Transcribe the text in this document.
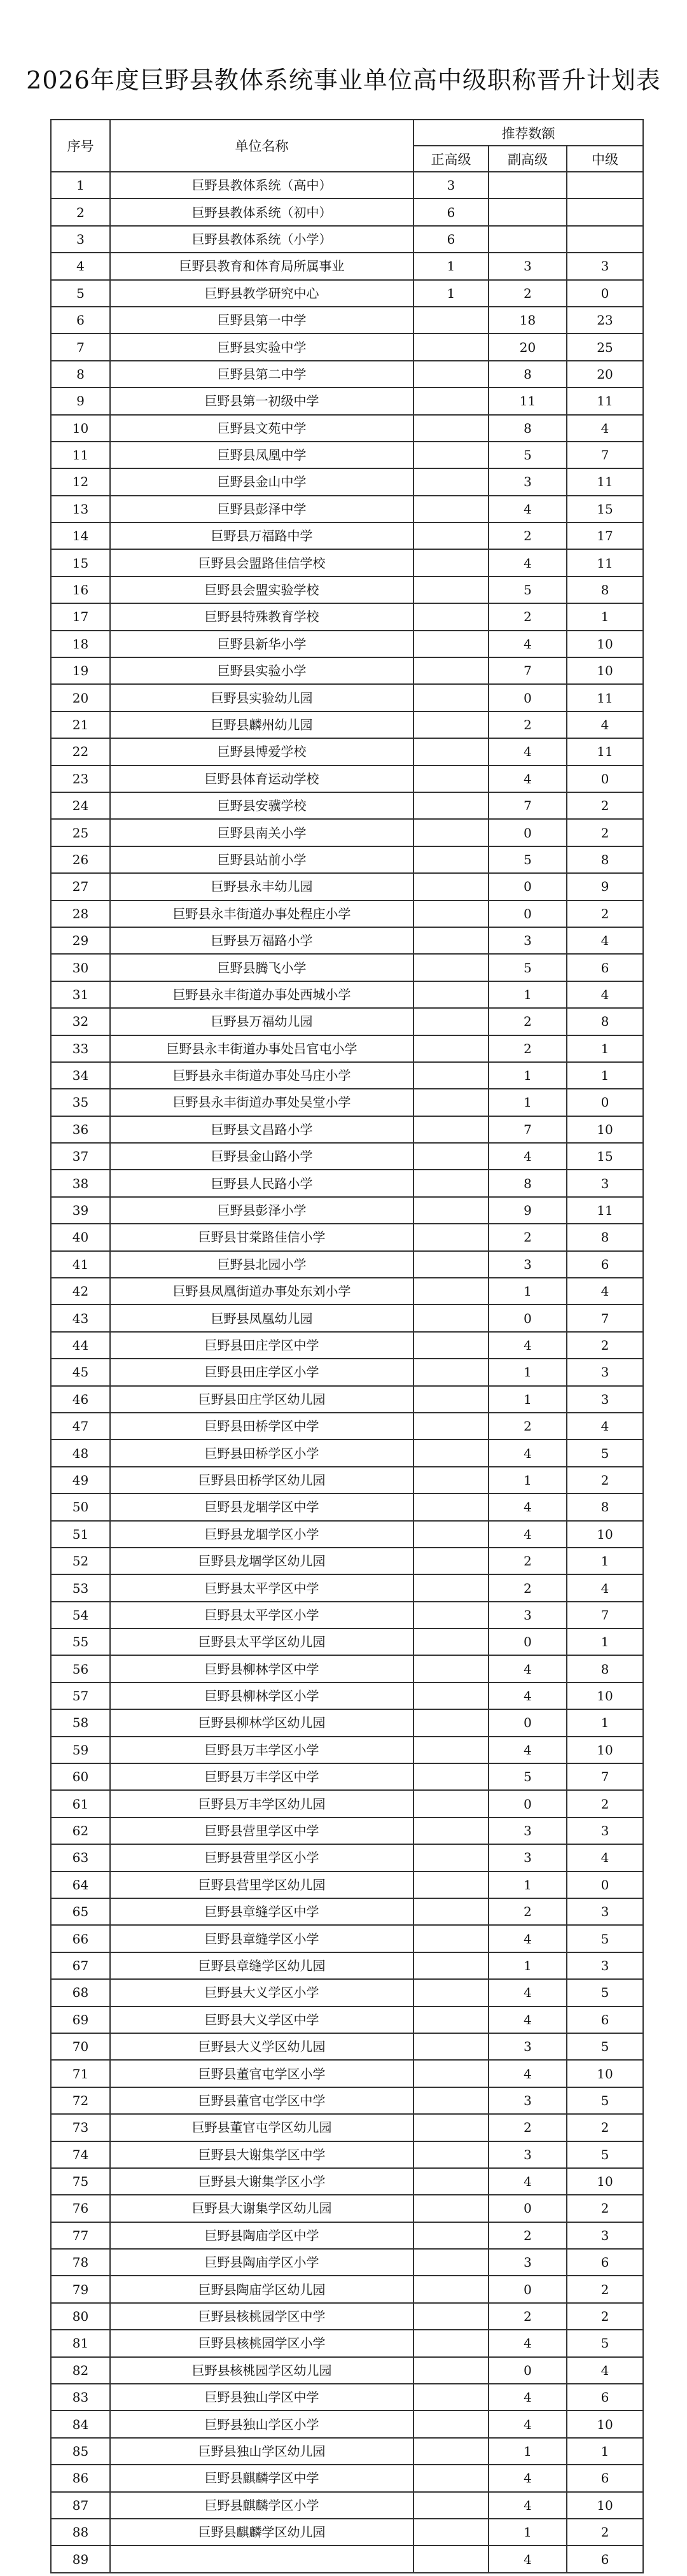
2026年度巨野县教体系统事业单位高中级职称晋升计划表
序号	单位名称	推荐数额		
		正高级	副高级	中级
1	巨野县教体系统（高中）	3		
2	巨野县教体系统（初中）	6		
3	巨野县教体系统（小学）	6		
4	巨野县教育和体育局所属事业	1	3	3
5	巨野县教学研究中心	1	2	0
6	巨野县第一中学		18	23
7	巨野县实验中学		20	25
8	巨野县第二中学		8	20
9	巨野县第一初级中学		11	11
10	巨野县文苑中学		8	4
11	巨野县凤凰中学		5	7
12	巨野县金山中学		3	11
13	巨野县彭泽中学		4	15
14	巨野县万福路中学		2	17
15	巨野县会盟路佳信学校		4	11
16	巨野县会盟实验学校		5	8
17	巨野县特殊教育学校		2	1
18	巨野县新华小学		4	10
19	巨野县实验小学		7	10
20	巨野县实验幼儿园		0	11
21	巨野县麟州幼儿园		2	4
22	巨野县博爱学校		4	11
23	巨野县体育运动学校		4	0
24	巨野县安骥学校		7	2
25	巨野县南关小学		0	2
26	巨野县站前小学		5	8
27	巨野县永丰幼儿园		0	9
28	巨野县永丰街道办事处程庄小学		0	2
29	巨野县万福路小学		3	4
30	巨野县腾飞小学		5	6
31	巨野县永丰街道办事处西城小学		1	4
32	巨野县万福幼儿园		2	8
33	巨野县永丰街道办事处吕官屯小学		2	1
34	巨野县永丰街道办事处马庄小学		1	1
35	巨野县永丰街道办事处吴堂小学		1	0
36	巨野县文昌路小学		7	10
37	巨野县金山路小学		4	15
38	巨野县人民路小学		8	3
39	巨野县彭泽小学		9	11
40	巨野县甘棠路佳信小学		2	8
41	巨野县北园小学		3	6
42	巨野县凤凰街道办事处东刘小学		1	4
43	巨野县凤凰幼儿园		0	7
44	巨野县田庄学区中学		4	2
45	巨野县田庄学区小学		1	3
46	巨野县田庄学区幼儿园		1	3
47	巨野县田桥学区中学		2	4
48	巨野县田桥学区小学		4	5
49	巨野县田桥学区幼儿园		1	2
50	巨野县龙堌学区中学		4	8
51	巨野县龙堌学区小学		4	10
52	巨野县龙堌学区幼儿园		2	1
53	巨野县太平学区中学		2	4
54	巨野县太平学区小学		3	7
55	巨野县太平学区幼儿园		0	1
56	巨野县柳林学区中学		4	8
57	巨野县柳林学区小学		4	10
58	巨野县柳林学区幼儿园		0	1
59	巨野县万丰学区小学		4	10
60	巨野县万丰学区中学		5	7
61	巨野县万丰学区幼儿园		0	2
62	巨野县营里学区中学		3	3
63	巨野县营里学区小学		3	4
64	巨野县营里学区幼儿园		1	0
65	巨野县章缝学区中学		2	3
66	巨野县章缝学区小学		4	5
67	巨野县章缝学区幼儿园		1	3
68	巨野县大义学区小学		4	5
69	巨野县大义学区中学		4	6
70	巨野县大义学区幼儿园		3	5
71	巨野县董官屯学区小学		4	10
72	巨野县董官屯学区中学		3	5
73	巨野县董官屯学区幼儿园		2	2
74	巨野县大谢集学区中学		3	5
75	巨野县大谢集学区小学		4	10
76	巨野县大谢集学区幼儿园		0	2
77	巨野县陶庙学区中学		2	3
78	巨野县陶庙学区小学		3	6
79	巨野县陶庙学区幼儿园		0	2
80	巨野县核桃园学区中学		2	2
81	巨野县核桃园学区小学		4	5
82	巨野县核桃园学区幼儿园		0	4
83	巨野县独山学区中学		4	6
84	巨野县独山学区小学		4	10
85	巨野县独山学区幼儿园		1	1
86	巨野县麒麟学区中学		4	6
87	巨野县麒麟学区小学		4	10
88	巨野县麒麟学区幼儿园		1	2
89			4	6
